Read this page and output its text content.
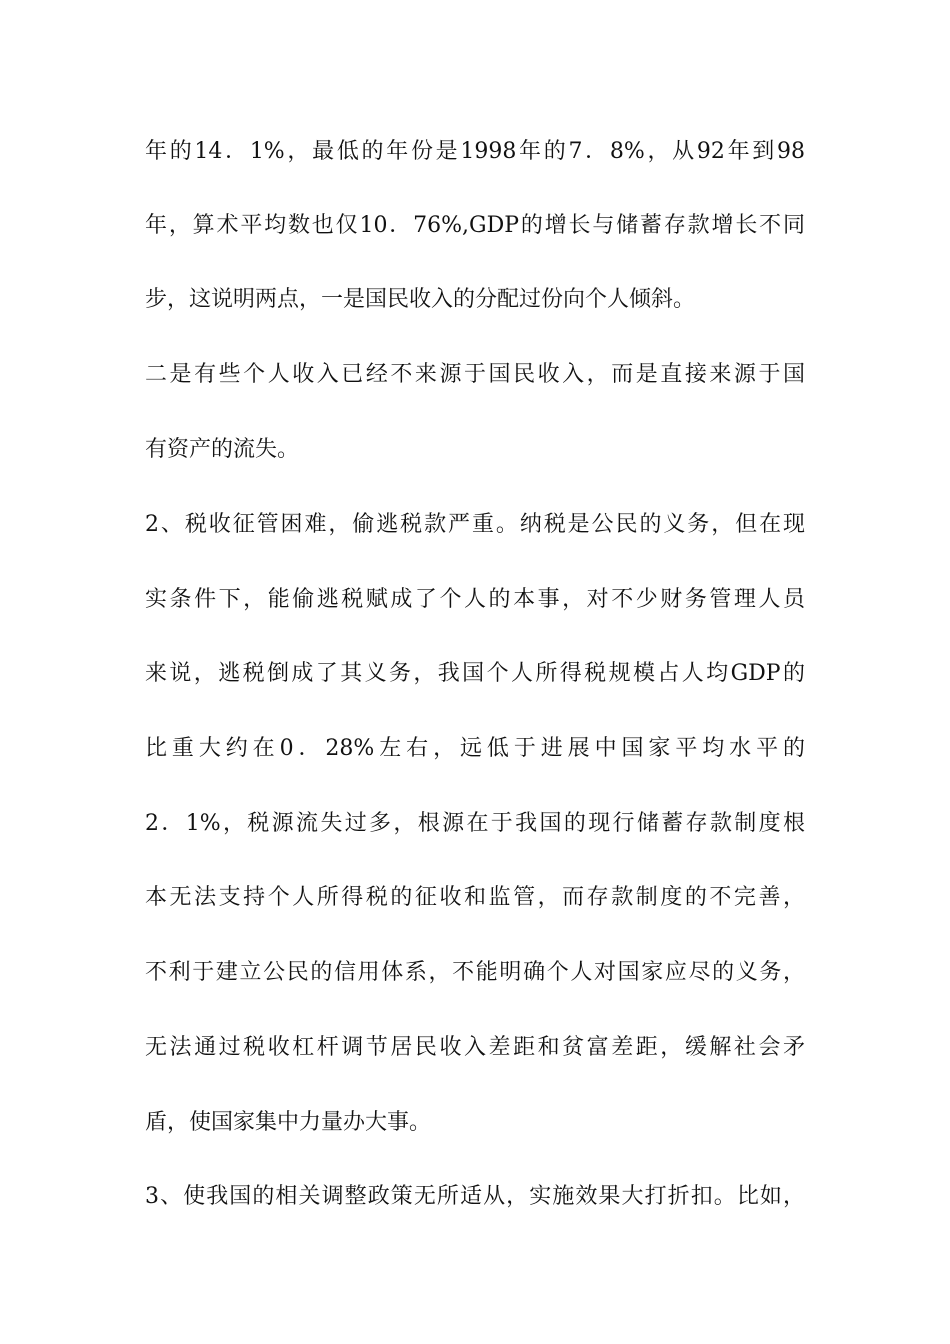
年的14．1%，最低的年份是1998年的7．8%，从92年到98
年，算术平均数也仅10．76%,GDP的增长与储蓄存款增长不同
步，这说明两点，一是国民收入的分配过份向个人倾斜。
二是有些个人收入已经不来源于国民收入，而是直接来源于国
有资产的流失。
2、税收征管困难，偷逃税款严重。纳税是公民的义务，但在现
实条件下，能偷逃税赋成了个人的本事，对不少财务管理人员
来说，逃税倒成了其义务，我国个人所得税规模占人均GDP的
比重大约在0．28%左右，远低于进展中国家平均水平的
2．1%，税源流失过多，根源在于我国的现行储蓄存款制度根
本无法支持个人所得税的征收和监管，而存款制度的不完善，
不利于建立公民的信用体系，不能明确个人对国家应尽的义务，
无法通过税收杠杆调节居民收入差距和贫富差距，缓解社会矛
盾，使国家集中力量办大事。
3、使我国的相关调整政策无所适从，实施效果大打折扣。比如，
